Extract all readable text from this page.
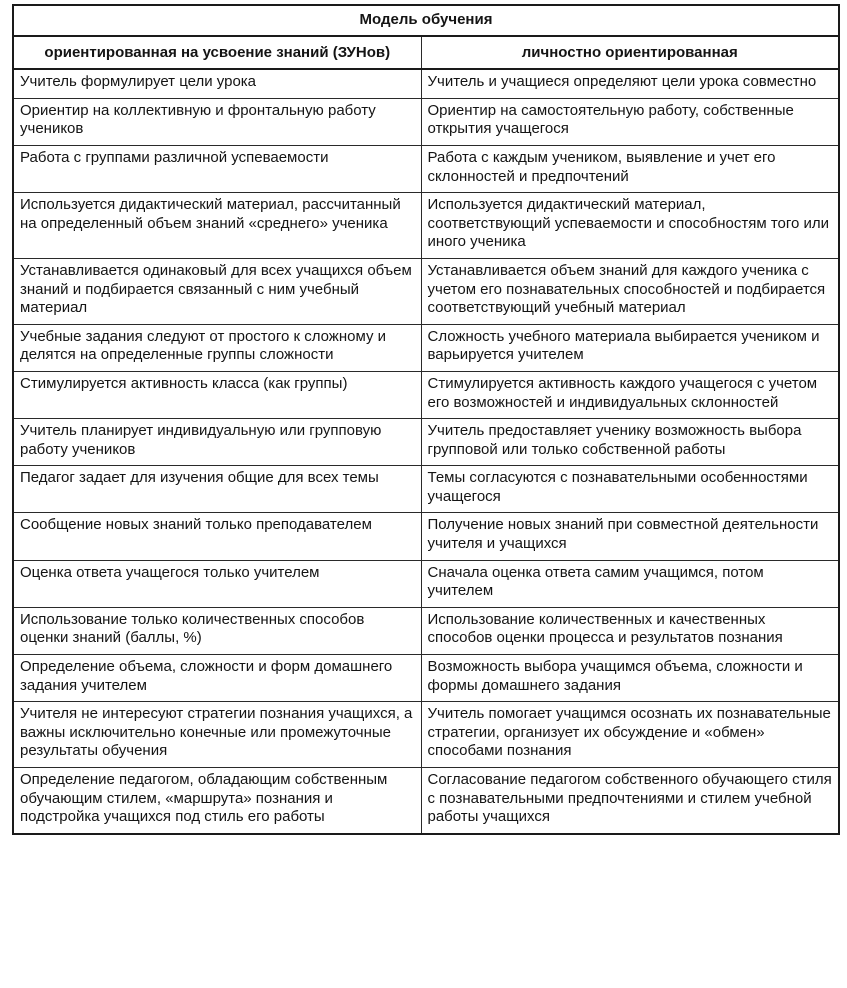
Модель обучения	
ориентированная на усвоение знаний (ЗУНов)	личностно ориентированная
Учитель формулирует цели урока	Учитель и учащиеся определяют цели урока совместно
Ориентир на коллективную и фронтальную работу учеников	Ориентир на самостоятельную работу, собственные открытия учащегося
Работа с группами различной успеваемости	Работа с каждым учеником, выявление и учет его склонностей и предпочтений
Используется дидактический материал, рассчитанный на определенный объем знаний «среднего» ученика	Используется дидактический материал, соответствующий успеваемости и способностям того или иного ученика
Устанавливается одинаковый для всех учащихся объем знаний и подбирается связанный с ним учебный материал	Устанавливается объем знаний для каждого ученика с учетом его познавательных способностей и подбирается соответствующий учебный материал
Учебные задания следуют от простого к сложному и делятся на определенные группы сложности	Сложность учебного материала выбирается учеником и варьируется учителем
Стимулируется активность класса (как группы)	Стимулируется активность каждого учащегося с учетом его возможностей и индивидуальных склонностей
Учитель планирует индивидуальную или групповую работу учеников	Учитель предоставляет ученику возможность выбора групповой или только собственной работы
Педагог задает для изучения общие для всех темы	Темы согласуются с познавательными особенностями учащегося
Сообщение новых знаний только преподавателем	Получение новых знаний при совместной деятельности учителя и учащихся
Оценка ответа учащегося только учителем	Сначала оценка ответа самим учащимся, потом учителем
Использование только количественных способов оценки знаний (баллы, %)	Использование количественных и качественных способов оценки процесса и результатов познания
Определение объема, сложности и форм домашнего задания учителем	Возможность выбора учащимся объема, сложности и формы домашнего задания
Учителя не интересуют стратегии познания учащихся, а важны исключительно конечные или промежуточные результаты обучения	Учитель помогает учащимся осознать их познавательные стратегии, организует их обсуждение и «обмен» способами познания
Определение педагогом, обладающим собственным обучающим стилем, «маршрута» познания и подстройка учащихся под стиль его работы	Согласование педагогом собственного обучающего стиля с познавательными предпочтениями и стилем учебной работы учащихся
